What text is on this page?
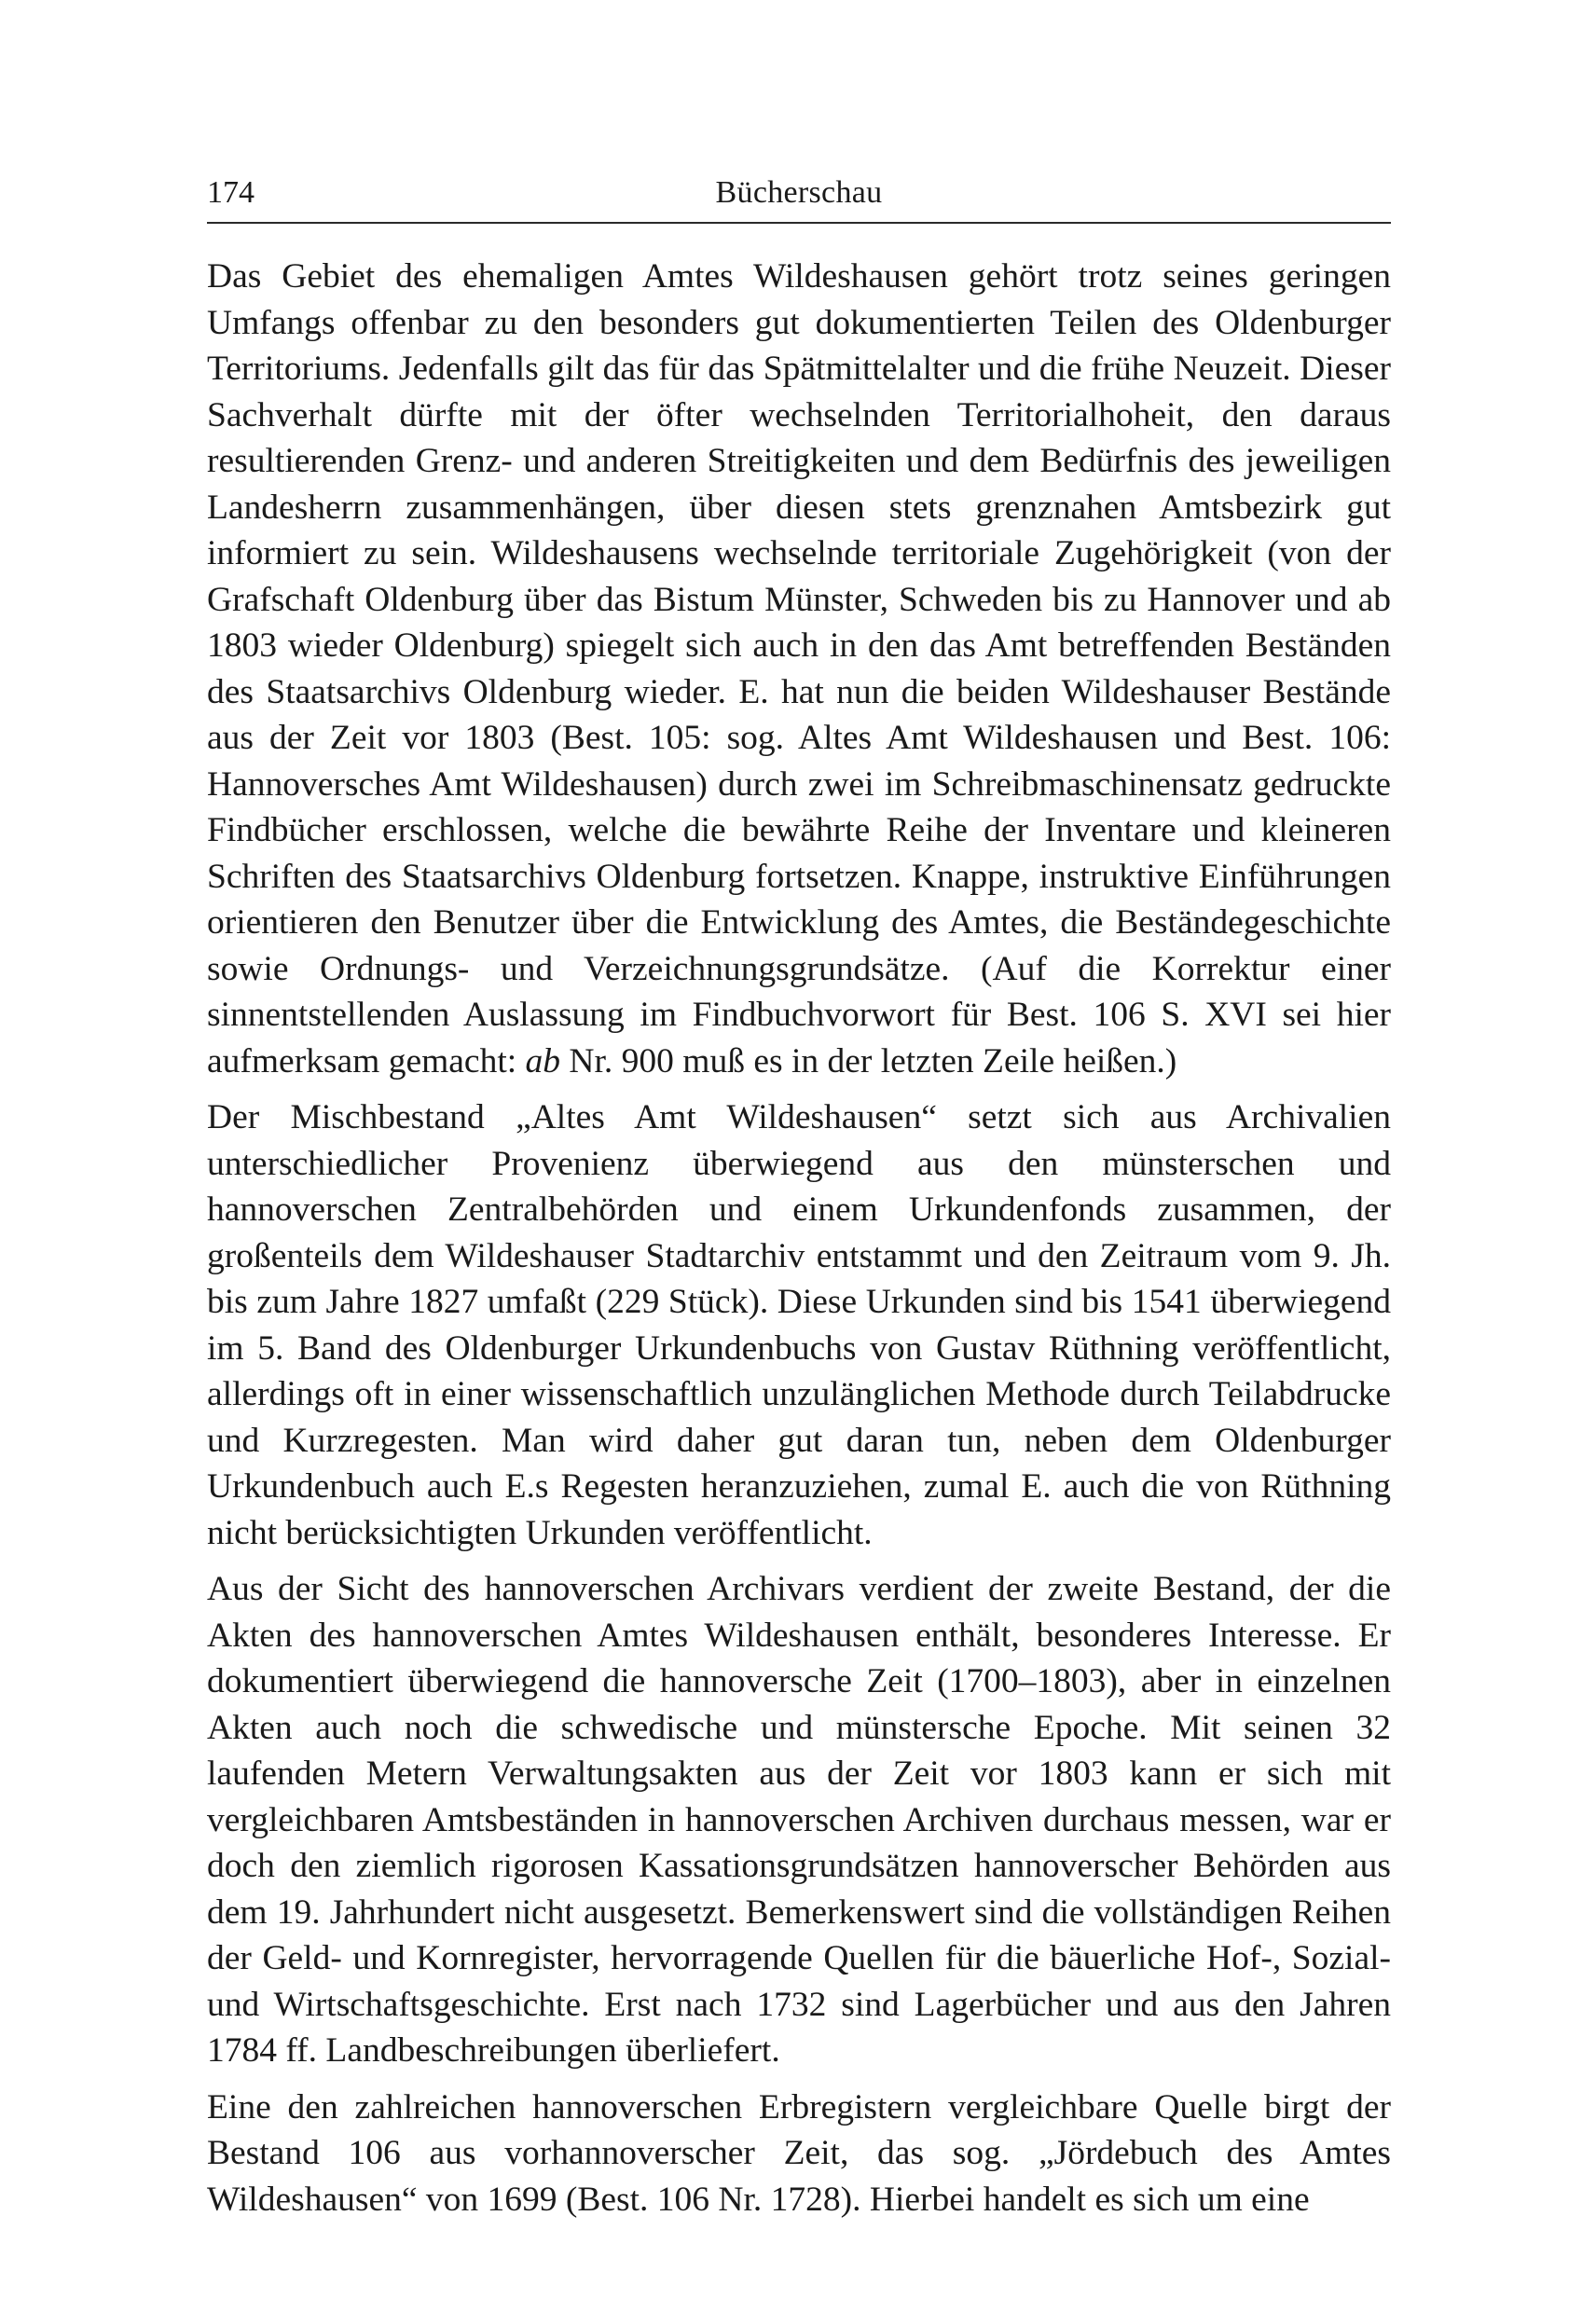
174	Bücherschau

Das Gebiet des ehemaligen Amtes Wildeshausen gehört trotz seines geringen Umfangs offenbar zu den besonders gut dokumentierten Teilen des Oldenburger Territoriums. Jedenfalls gilt das für das Spätmittelalter und die frühe Neuzeit. Dieser Sachverhalt dürfte mit der öfter wechselnden Territorialhoheit, den daraus resultierenden Grenz- und anderen Streitigkeiten und dem Bedürfnis des jeweiligen Landesherrn zusammenhängen, über diesen stets grenznahen Amtsbezirk gut informiert zu sein. Wildeshausens wechselnde territoriale Zugehörigkeit (von der Grafschaft Oldenburg über das Bistum Münster, Schweden bis zu Hannover und ab 1803 wieder Oldenburg) spiegelt sich auch in den das Amt betreffenden Beständen des Staatsarchivs Oldenburg wieder. E. hat nun die beiden Wildeshauser Bestände aus der Zeit vor 1803 (Best. 105: sog. Altes Amt Wildeshausen und Best. 106: Hannoversches Amt Wildeshausen) durch zwei im Schreibmaschinensatz gedruckte Findbücher erschlossen, welche die bewährte Reihe der Inventare und kleineren Schriften des Staatsarchivs Oldenburg fortsetzen. Knappe, instruktive Einführungen orientieren den Benutzer über die Entwicklung des Amtes, die Beständegeschichte sowie Ordnungs- und Verzeichnungsgrundsätze. (Auf die Korrektur einer sinnentstellenden Auslassung im Findbuchvorwort für Best. 106 S. XVI sei hier aufmerksam gemacht: ab Nr. 900 muß es in der letzten Zeile heißen.)

Der Mischbestand „Altes Amt Wildeshausen“ setzt sich aus Archivalien unterschiedlicher Provenienz überwiegend aus den münsterschen und hannoverschen Zentralbehörden und einem Urkundenfonds zusammen, der großenteils dem Wildeshauser Stadtarchiv entstammt und den Zeitraum vom 9. Jh. bis zum Jahre 1827 umfaßt (229 Stück). Diese Urkunden sind bis 1541 überwiegend im 5. Band des Oldenburger Urkundenbuchs von Gustav Rüthning veröffentlicht, allerdings oft in einer wissenschaftlich unzulänglichen Methode durch Teilabdrucke und Kurzregesten. Man wird daher gut daran tun, neben dem Oldenburger Urkundenbuch auch E.s Regesten heranzuziehen, zumal E. auch die von Rüthning nicht berücksichtigten Urkunden veröffentlicht.

Aus der Sicht des hannoverschen Archivars verdient der zweite Bestand, der die Akten des hannoverschen Amtes Wildeshausen enthält, besonderes Interesse. Er dokumentiert überwiegend die hannoversche Zeit (1700–1803), aber in einzelnen Akten auch noch die schwedische und münstersche Epoche. Mit seinen 32 laufenden Metern Verwaltungsakten aus der Zeit vor 1803 kann er sich mit vergleichbaren Amtsbeständen in hannoverschen Archiven durchaus messen, war er doch den ziemlich rigorosen Kassationsgrundsätzen hannoverscher Behörden aus dem 19. Jahrhundert nicht ausgesetzt. Bemerkenswert sind die vollständigen Reihen der Geld- und Kornregister, hervorragende Quellen für die bäuerliche Hof-, Sozial- und Wirtschaftsgeschichte. Erst nach 1732 sind Lagerbücher und aus den Jahren 1784 ff. Landbeschreibungen überliefert.

Eine den zahlreichen hannoverschen Erbregistern vergleichbare Quelle birgt der Bestand 106 aus vorhannoverscher Zeit, das sog. „Jördebuch des Amtes Wildeshausen“ von 1699 (Best. 106 Nr. 1728). Hierbei handelt es sich um eine
